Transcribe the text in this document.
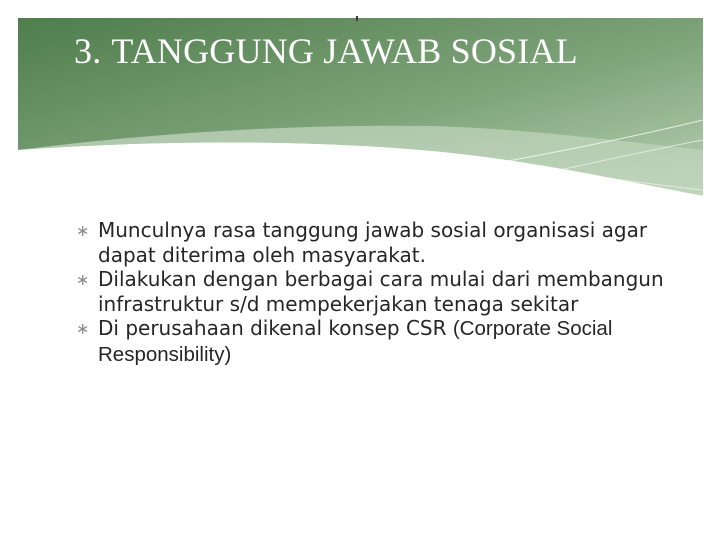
3. TANGGUNG JAWAB SOSIAL
∗ Munculnya rasa tanggung jawab sosial organisasi agar dapat diterima oleh masyarakat.
∗ Dilakukan dengan berbagai cara mulai dari membangun infrastruktur s/d mempekerjakan tenaga sekitar
∗ Di perusahaan dikenal konsep CSR (Corporate Social Responsibility)
